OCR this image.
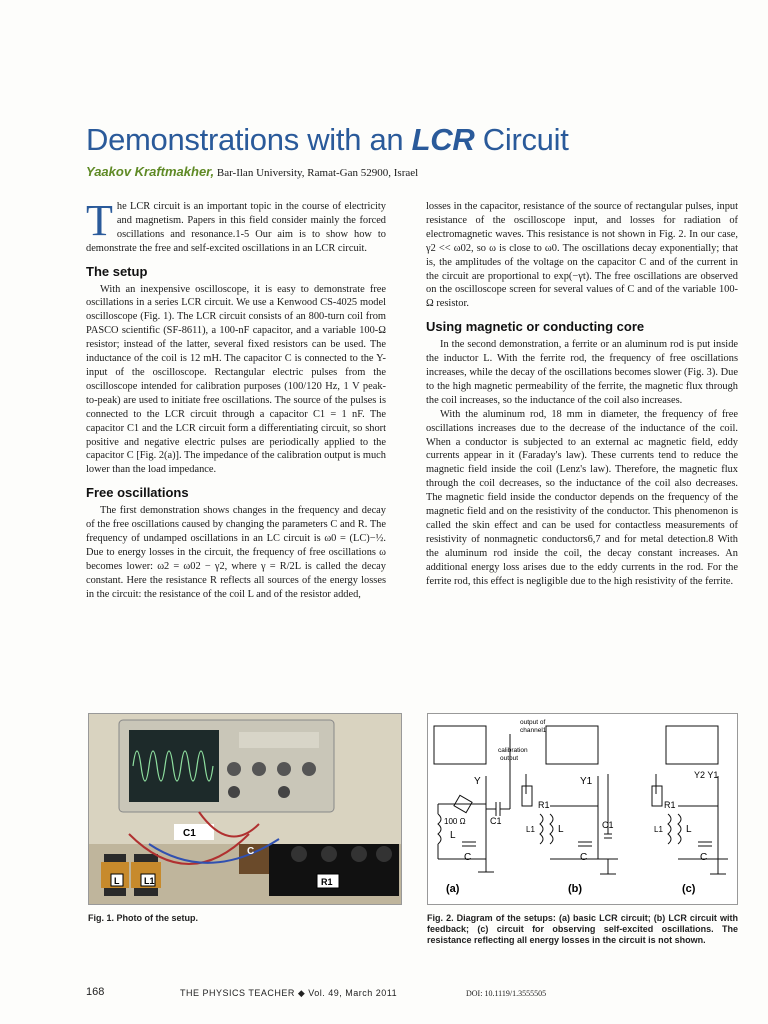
Demonstrations with an LCR Circuit
Yaakov Kraftmakher, Bar-Ilan University, Ramat-Gan 52900, Israel

The LCR circuit is an important topic in the course of electricity and magnetism. Papers in this field consider mainly the forced oscillations and resonance.1-5 Our aim is to show how to demonstrate the free and self-excited oscillations in an LCR circuit.

The setup

With an inexpensive oscilloscope, it is easy to demonstrate free oscillations in a series LCR circuit. We use a Kenwood CS-4025 model oscilloscope (Fig. 1). The LCR circuit consists of an 800-turn coil from PASCO scientific (SF-8611), a 100-nF capacitor, and a variable 100-Ω resistor; instead of the latter, several fixed resistors can be used. The inductance of the coil is 12 mH. The capacitor C is connected to the Y-input of the oscilloscope. Rectangular electric pulses from the oscilloscope intended for calibration purposes (100/120 Hz, 1 V peak-to-peak) are used to initiate free oscillations. The source of the pulses is connected to the LCR circuit through a capacitor C1 = 1 nF. The capacitor C1 and the LCR circuit form a differentiating circuit, so short positive and negative electric pulses are periodically applied to the capacitor C [Fig. 2(a)]. The impedance of the calibration output is much lower than the load impedance.

Free oscillations

The first demonstration shows changes in the frequency and decay of the free oscillations caused by changing the parameters C and R. The frequency of undamped oscillations in an LC circuit is ω0 = (LC)−½. Due to energy losses in the circuit, the frequency of free oscillations ω becomes lower: ω2 = ω02 − γ2, where γ = R/2L is called the decay constant. Here the resistance R reflects all sources of the energy losses in the circuit: the resistance of the coil L and of the resistor added,

losses in the capacitor, resistance of the source of rectangular pulses, input resistance of the oscilloscope input, and losses for radiation of electromagnetic waves. This resistance is not shown in Fig. 2. In our case, γ2 << ω02, so ω is close to ω0. The oscillations decay exponentially; that is, the amplitudes of the voltage on the capacitor C and of the current in the circuit are proportional to exp(−γt). The free oscillations are observed on the oscilloscope screen for several values of C and of the variable 100-Ω resistor.

Using magnetic or conducting core

In the second demonstration, a ferrite or an aluminum rod is put inside the inductor L. With the ferrite rod, the frequency of free oscillations increases, while the decay of the oscillations becomes slower (Fig. 3). Due to the high magnetic permeability of the ferrite, the magnetic flux through the coil increases, so the inductance of the coil also increases.

With the aluminum rod, 18 mm in diameter, the frequency of free oscillations increases due to the decrease of the inductance of the coil. When a conductor is subjected to an external ac magnetic field, eddy currents appear in it (Faraday's law). These currents tend to reduce the magnetic field inside the coil (Lenz's law). Therefore, the magnetic flux through the coil decreases, so the inductance of the coil also decreases. The magnetic field inside the conductor depends on the frequency of the magnetic field and on the resistivity of the conductor. This phenomenon is called the skin effect and can be used for contactless measurements of resistivity of nonmagnetic conductors6,7 and for metal detection.8 With the aluminum rod inside the coil, the decay constant increases. An additional energy loss arises due to the eddy currents in the rod. For the ferrite rod, this effect is negligible due to the high resistivity of the ferrite.

C1
C
L	L1	R1
Fig. 1. Photo of the setup.
output of
channel1
calibration
output
Y	Y1
Y2 Y1
100 Ω
L
C1
C
R1
L1 L	C1
C
R1
L1 L
C
(a)	(b)	(c)
Fig. 2. Diagram of the setups: (a) basic LCR circuit; (b) LCR circuit with feedback; (c) circuit for observing self-excited oscillations. The resistance reflecting all energy losses in the circuit is not shown.
168	THE PHYSICS TEACHER ◆ Vol. 49, March 2011	DOI: 10.1119/1.3555505
